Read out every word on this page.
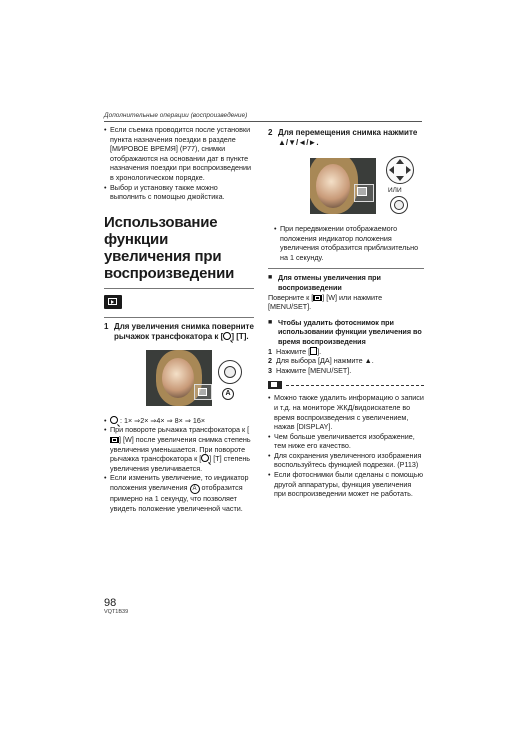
Дополнительные операции (воспроизведение)

• Если съемка проводится после установки пункта назначения поездки в разделе [МИРОВОЕ ВРЕМЯ] (P77), снимки отображаются на основании дат в пункте назначения поездки при воспроизведении в хронологическом порядке.

• Выбор и установку также можно выполнить с помощью джойстика.

Использование функции увеличения при воспроизведении
1 Для увеличения снимка поверните рычажок трансфокатора к [ ] [T].
A

• : 1× ⇒2× ⇒4× ⇒ 8× ⇒ 16×

• При повороте рычажка трансфокатора к [] [W] после увеличения снимка степень увеличения уменьшается. При повороте рычажка трансфокатора к [ ] [T] степень увеличения увеличивается.

• Если изменить увеличение, то индикатор положения увеличения A отобразится примерно на 1 секунду, что позволяет увидеть положение увеличенной части.

2 Для перемещения снимка нажмите ▲/▼/◄/►.
ИЛИ

• При передвижении отображаемого положения индикатор положения увеличения отобразится приблизительно на 1 секунду.

■ Для отмены увеличения при воспроизведении

Поверните к [ ] [W] или нажмите [MENU/SET].

■ Чтобы удалить фотоснимок при использовании функции увеличения во время воспроизведения

1 Нажмите [ ].
2 Для выбора [ДА] нажмите ▲.
3 Нажмите [MENU/SET].

• Можно также удалить информацию о записи и т.д. на мониторе ЖКД/видоискателе во время воспроизведения с увеличением, нажав [DISPLAY].

• Чем больше увеличивается изображение, тем ниже его качество.

• Для сохранения увеличенного изображения воспользуйтесь функцией подрезки. (P113)

• Если фотоснимки были сделаны с помощью другой аппаратуры, функция увеличения при воспроизведении может не работать.

98
VQT1B39
